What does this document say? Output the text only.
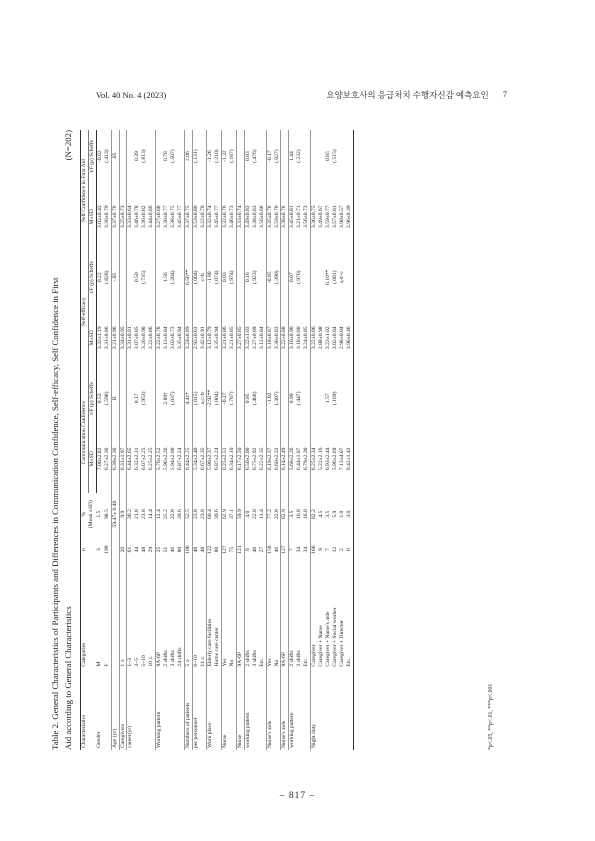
Vol. 40 No. 4 (2023)	요양보호사의 응급처치 수행자신감 예측요인 7
Table 2. General Characteristics of Participants and Differences in Communication Confidence, Self-efficacy, Self Confidence in First Aid according to General Characteristics
(N=202)
Characteristics	Categories	n	% (Mean ±SD)	Communication Confidence		Self-efficacy		Self Confidence in First Aid	
				M±SD	t/F (p) Scheffe	M±SD	t/F (p) Scheffe	M±SD	t/F (p) Scheffe
Gender	M	3	1.5	7.00±2.82	0.53	3.32±1.19	0.22	3.02±0.43	-0.62
	F	199	98.5	6.27±2.36	(.598)	3.31±0.86	(.828)	3.30±0.79	(.413)
Age (yr)			59.47± 6.40	6.39±2.36	B	3.21±0.96	-.05	3.37±0.76	.05
Caregivers	1 ≥	20	9.9	6.31±1.97		3.34±0.95		3.25±0.73	
career(yr)	1~3	61	30.2	6.44±2.65		3.31±0.81		3.33±0.64	
	3~5	44	21.8	6.32±2.31	0.17	3.07±0.85	0.50	3.46±0.78	0.39
	5~10	48	23.8	6.07±2.25	(.953)	3.20±0.90	(.735)	3.36±0.82	(.813)
	10 ≤	29	14.4	6.25±2.25		3.22±0.86		3.44±0.86	
Working pattern	9A-6P	25	12.4	5.70±2.52		3.22±0.78		3.27±0.68	
	2 shifts	51	25.2	5.96±2.26	2.89†	3.13±0.84	1.56	3.30±0.77	0.78
	3 shifts	46	22.8	5.94±2.00	(.037)	3.03±0.73	(.204)	3.38±0.75	(.507)
	24 shifts	80	39.6	6.87±2.24		3.35±0.94		3.45±0.77	
Numbers of patients	5 ≥	106	52.5	6.44±2.25	4.41*	3.24±0.89	6.56**	3.37±0.75	2.06
per personnel	6~10	48	23.8	5.34±2.40	(.015)	2.92±0.63	(.004)	3.53±0.80	(.131)
	11 ≤	48	23.8	6.67±2.35	a,c>b	3.42±0.91	c>b	3.22±0.70	
Work place	Elderly care facilities	122	60.4	5.90±2.37	-2.92**	3.12±0.79	-1.80	3.32±0.74	-1.26
	Home care center	80	39.6	6.87±2.24	(.004)	3.35±0.94	(.074)	3.45±0.77	(.210)
Nurse	Yes	127	62.9	6.25±2.51	-0.27	3.21±0.86	0.03	3.32±0.76	-1.32
	No	75	37.1	6.34±2.10	(.787)	3.21±0.85	(.974)	3.46±0.73	(.187)
Nurse	9A-6P	121	59.9	6.17±2.50		3.27±0.85		3.33±0.74	
working pattern	2 shifts	8	4.0	6.50±2.00	0.85	3.22±1.03	0.16	3.49±0.83	0.83
	3 shifts	46	22.8	6.75±2.92	(.468)	3.27±0.89	(.923)	3.38±0.83	(.476)
	Etc.	27	13.4	6.22±2.35		3.12±0.84		3.56±0.66	
Nurse's aide	Yes	156	77.2	6.19±2.37	-1.02	3.18±0.87	-0.85	3.35±0.76	-0.17
	No	46	22.8	6.60±2.33	(.307)	3.30±0.83	(.390)	3.59±0.70	(.027)
Nurse's aide	9A-6P	127	62.9	6.14±2.49		3.22±0.88		3.38±0.76	
working pattern	2 shifts	7	3.5	5.68±2.26	0.99	3.10±0.90	0.07	3.45±0.81	1.44
	3 shifts	34	16.8	6.44±1.87	(.447)	3.18±0.80	(.976)	3.21±0.71	(.232)
	Etc.	34	16.8	6.79±2.30		3.24±0.85		3.56±0.73	
Night duty	Caregiver	166	82.2	6.25±2.34		3.22±0.86		3.36±0.75	
	Caregiver + Nurse	9	4.5	5.22±2.16		2.88±0.98		3.49±0.67	
	Caregiver + Nurse's aide	7	3.5	6.93±2.44	1.57	3.23±1.02	6.10**	3.59±0.77	0.85
	Caregiver + Social worker	12	5.9	5.96±2.69	(.169)	3.02±0.84	(.001)	3.57±0.81	(.515)
	Caregiver + Director	2	1.0	7.13±4.07		2.98±0.04	a,d>c	3.90±0.57	
	Etc.	6	3.0	8.42±1.43		3.90±0.46		2.96±0.39	
*p<.05, **p<.01, ***p<.001
– 817 –
